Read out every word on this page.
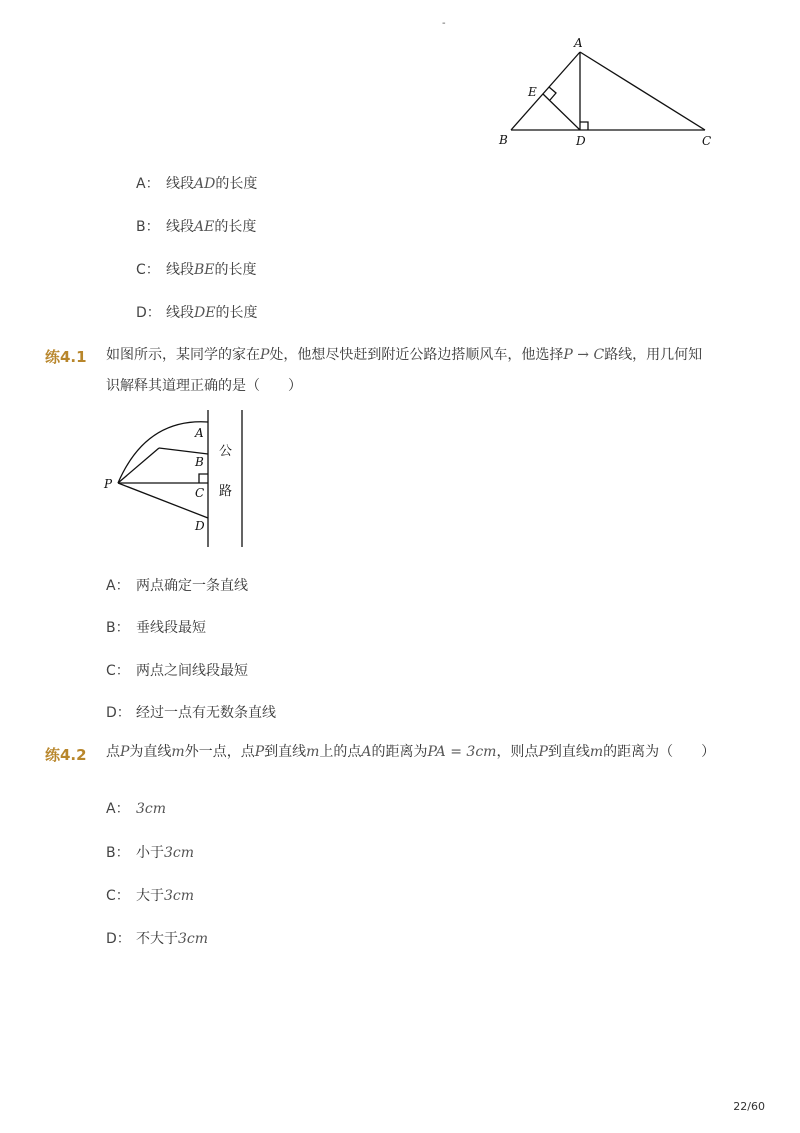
-
A
E
B	D	C
A： 线段AD的长度
B： 线段AE的长度
C： 线段BE的长度
D： 线段DE的长度
练4.1 如图所示，某同学的家在P处，他想尽快赶到附近公路边搭顺风车，他选择P → C路线，用几何知
识解释其道理正确的是（　　）
A
B
P
C
D
公
路
A： 两点确定一条直线
B： 垂线段最短
C： 两点之间线段最短
D： 经过一点有无数条直线
练4.2 点P为直线m外一点，点P到直线m上的点A的距离为PA = 3cm，则点P到直线m的距离为（　　）
A： 3cm
B： 小于3cm
C： 大于3cm
D： 不大于3cm
22/60
